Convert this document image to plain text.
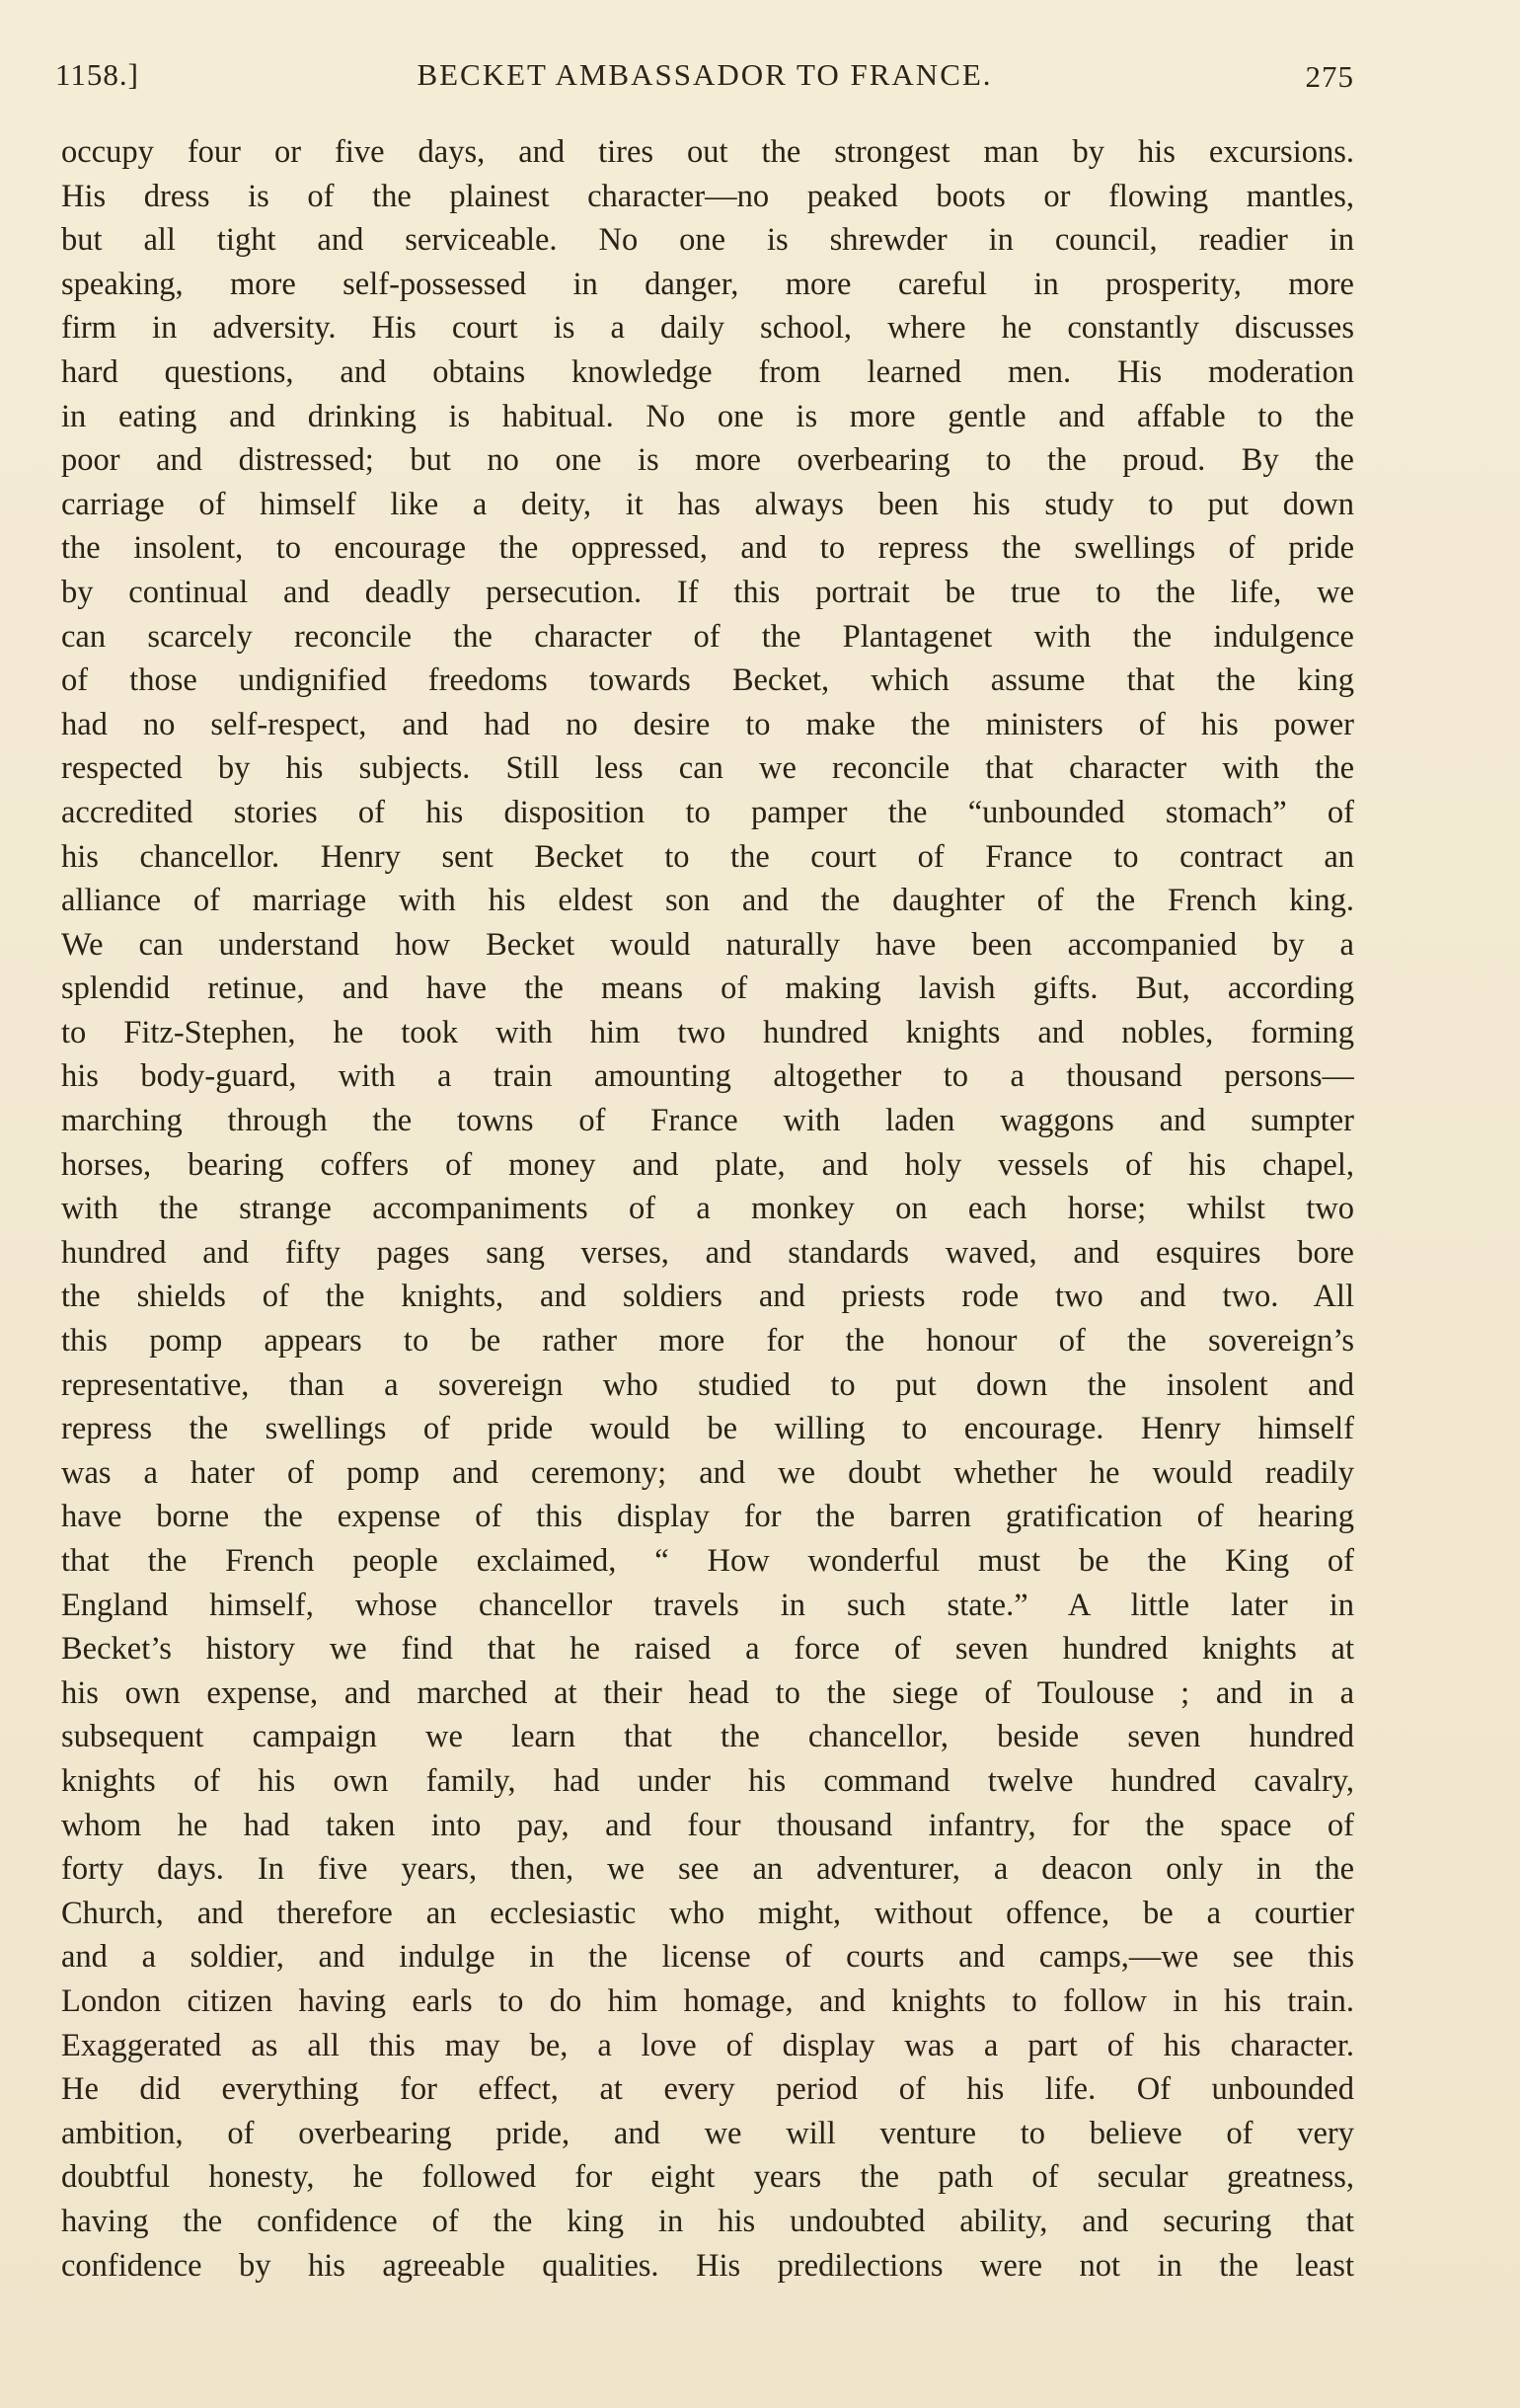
1158.]	BECKET AMBASSADOR TO FRANCE.	275
occupy four or five days, and tires out the strongest man by his excursions.
His dress is of the plainest character—no peaked boots or flowing mantles,
but all tight and serviceable. No one is shrewder in council, readier in
speaking, more self-possessed in danger, more careful in prosperity, more
firm in adversity. His court is a daily school, where he constantly discusses
hard questions, and obtains knowledge from learned men. His moderation
in eating and drinking is habitual. No one is more gentle and affable to the
poor and distressed; but no one is more overbearing to the proud. By the
carriage of himself like a deity, it has always been his study to put down
the insolent, to encourage the oppressed, and to repress the swellings of pride
by continual and deadly persecution. If this portrait be true to the life, we
can scarcely reconcile the character of the Plantagenet with the indulgence
of those undignified freedoms towards Becket, which assume that the king
had no self-respect, and had no desire to make the ministers of his power
respected by his subjects. Still less can we reconcile that character with the
accredited stories of his disposition to pamper the “unbounded stomach” of
his chancellor. Henry sent Becket to the court of France to contract an
alliance of marriage with his eldest son and the daughter of the French king.
We can understand how Becket would naturally have been accompanied by a
splendid retinue, and have the means of making lavish gifts. But, according
to Fitz-Stephen, he took with him two hundred knights and nobles, forming
his body-guard, with a train amounting altogether to a thousand persons—
marching through the towns of France with laden waggons and sumpter
horses, bearing coffers of money and plate, and holy vessels of his chapel,
with the strange accompaniments of a monkey on each horse; whilst two
hundred and fifty pages sang verses, and standards waved, and esquires bore
the shields of the knights, and soldiers and priests rode two and two. All
this pomp appears to be rather more for the honour of the sovereign’s
representative, than a sovereign who studied to put down the insolent and
repress the swellings of pride would be willing to encourage. Henry himself
was a hater of pomp and ceremony; and we doubt whether he would readily
have borne the expense of this display for the barren gratification of hearing
that the French people exclaimed, “ How wonderful must be the King of
England himself, whose chancellor travels in such state.” A little later in
Becket’s history we find that he raised a force of seven hundred knights at
his own expense, and marched at their head to the siege of Toulouse ; and in a
subsequent campaign we learn that the chancellor, beside seven hundred
knights of his own family, had under his command twelve hundred cavalry,
whom he had taken into pay, and four thousand infantry, for the space of
forty days. In five years, then, we see an adventurer, a deacon only in the
Church, and therefore an ecclesiastic who might, without offence, be a courtier
and a soldier, and indulge in the license of courts and camps,—we see this
London citizen having earls to do him homage, and knights to follow in his train.
Exaggerated as all this may be, a love of display was a part of his character.
He did everything for effect, at every period of his life. Of unbounded
ambition, of overbearing pride, and we will venture to believe of very
doubtful honesty, he followed for eight years the path of secular greatness,
having the confidence of the king in his undoubted ability, and securing that
confidence by his agreeable qualities. His predilections were not in the least
